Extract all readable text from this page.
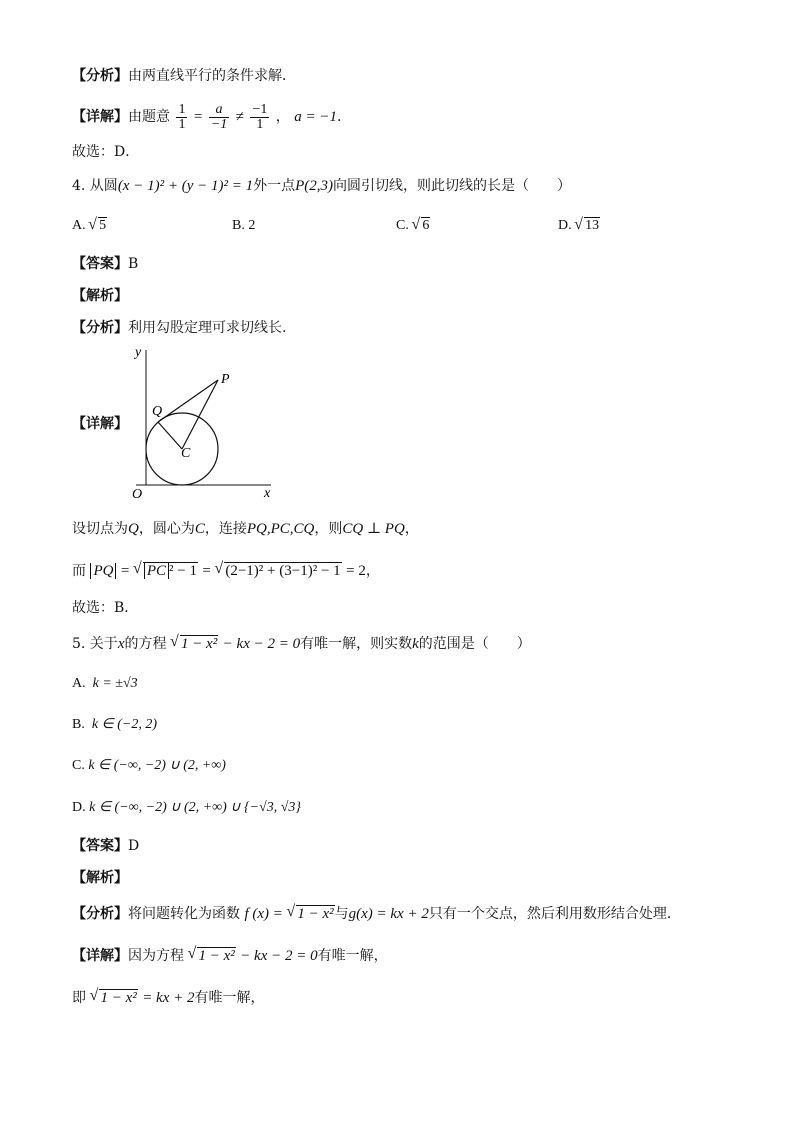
【分析】由两直线平行的条件求解．
【详解】由题意 $\frac{1}{1} = \frac{a}{-1} \ne \frac{-1}{1}$ ， a = −1．
故选：D．
4. 从圆(x − 1)² + (y − 1)² = 1外一点P(2,3)向圆引切线，则此切线的长是（　　）
A. √ 5	B. 2	C. √ 6	D. √ 13
【答案】B
【解析】
【分析】利用勾股定理可求切线长.
【详解】
y
x
O
P
Q
C
设切点为Q，圆心为C，连接PQ,PC,CQ，则CQ ⊥ PQ，
而 PQ = √ PC ² − 1 = √ (2−1)² + (3−1)² − 1 = 2，
故选：B．
5. 关于x的方程 √ 1 − x² − kx − 2 = 0有唯一解，则实数k的范围是（　　）
A. k = ±√3
B. k ∈ (−2, 2)
C. k ∈ (−∞, −2) ∪ (2, +∞)
D. k ∈ (−∞, −2) ∪ (2, +∞) ∪ {−√3, √3}
【答案】D
【解析】
【分析】将问题转化为函数 f (x) = √ 1 − x²与g(x) = kx + 2只有一个交点，然后利用数形结合处理．
【详解】因为方程 √ 1 − x² − kx − 2 = 0有唯一解，
即 √ 1 − x² = kx + 2有唯一解，
